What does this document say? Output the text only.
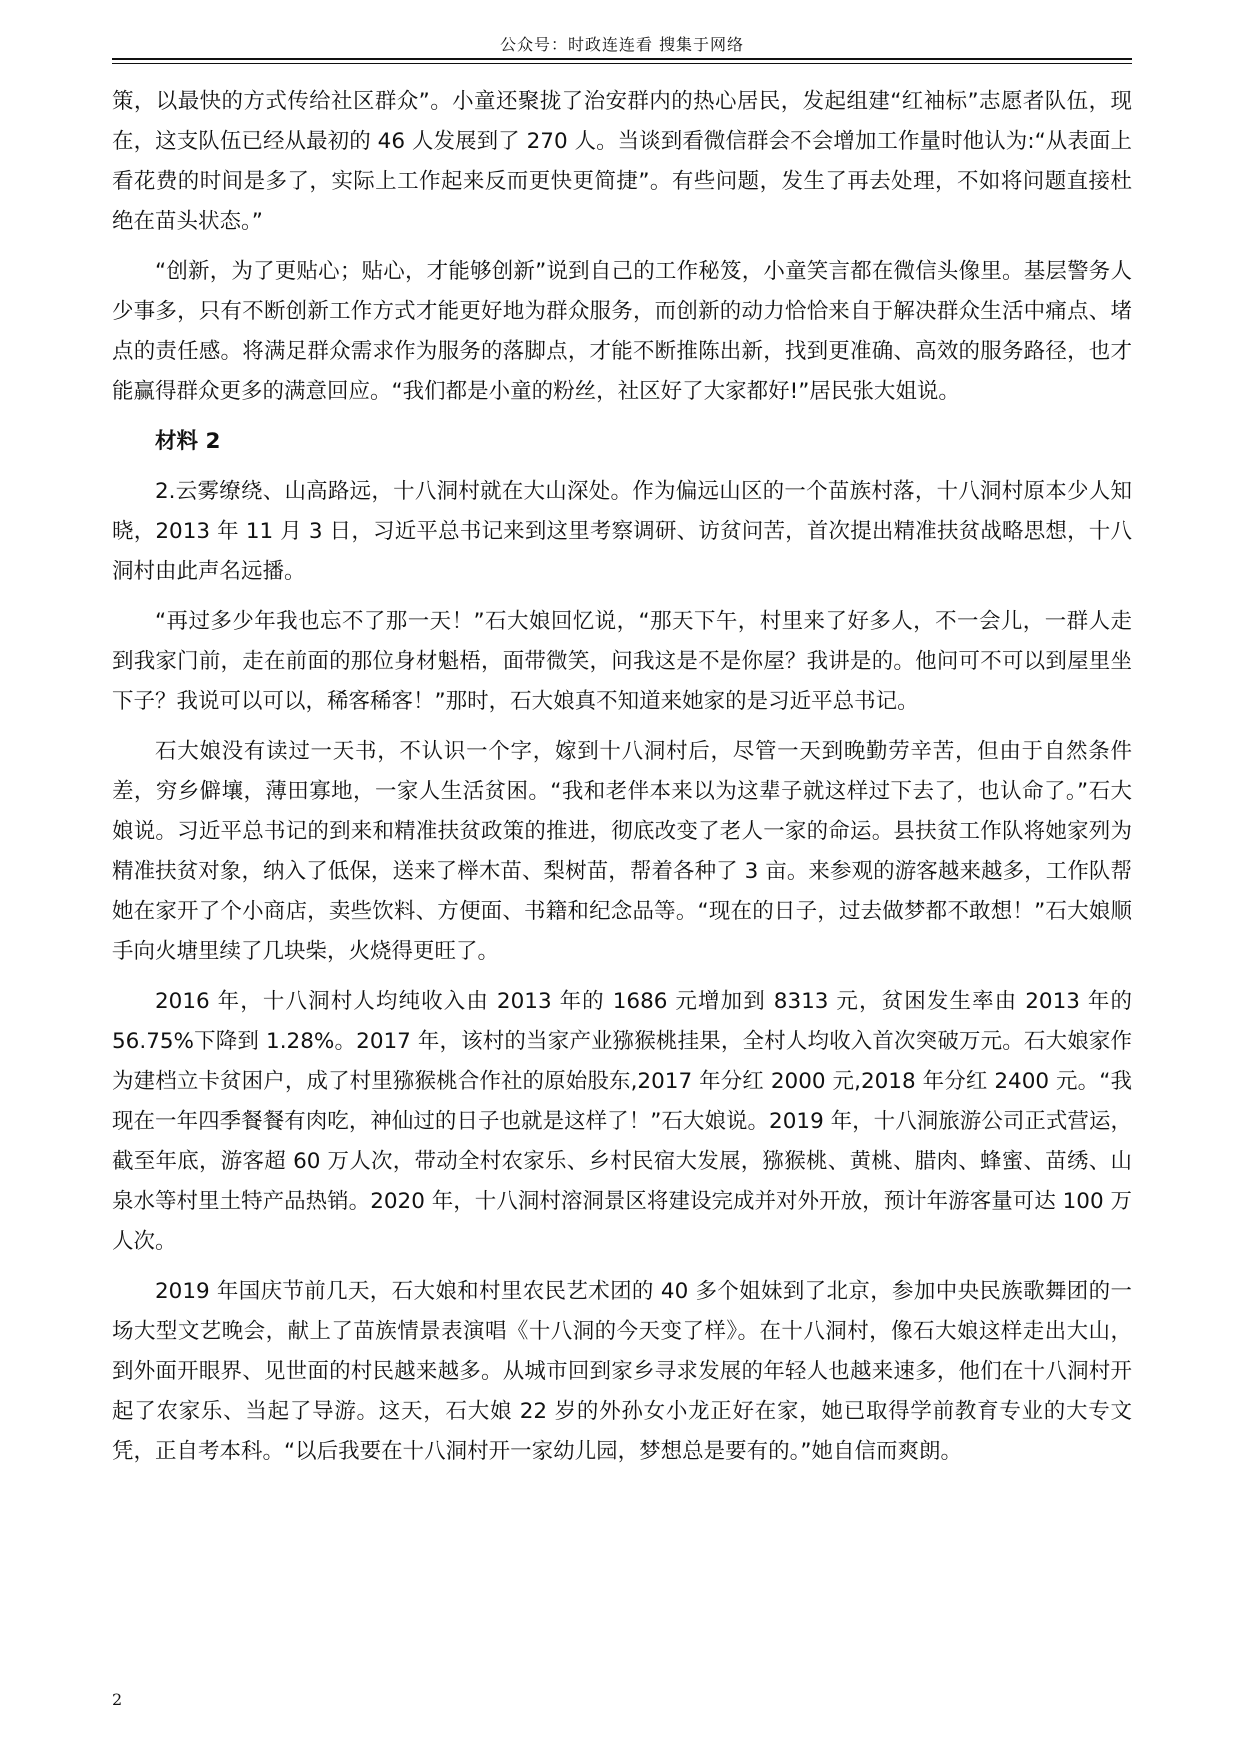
公众号：时政连连看 搜集于网络

策，以最快的方式传给社区群众”。小童还聚拢了治安群内的热心居民，发起组建“红袖标”志愿者队伍，现在，这支队伍已经从最初的 46 人发展到了 270 人。当谈到看微信群会不会增加工作量时他认为:“从表面上看花费的时间是多了，实际上工作起来反而更快更简捷”。有些问题，发生了再去处理，不如将问题直接杜绝在苗头状态。”

“创新，为了更贴心；贴心，才能够创新”说到自己的工作秘笈，小童笑言都在微信头像里。基层警务人少事多，只有不断创新工作方式才能更好地为群众服务，而创新的动力恰恰来自于解决群众生活中痛点、堵点的责任感。将满足群众需求作为服务的落脚点，才能不断推陈出新，找到更准确、高效的服务路径，也才能赢得群众更多的满意回应。“我们都是小童的粉丝，社区好了大家都好!”居民张大姐说。

材料 2

2.云雾缭绕、山高路远，十八洞村就在大山深处。作为偏远山区的一个苗族村落，十八洞村原本少人知晓，2013 年 11 月 3 日，习近平总书记来到这里考察调研、访贫问苦，首次提出精准扶贫战略思想，十八洞村由此声名远播。

“再过多少年我也忘不了那一天！”石大娘回忆说，“那天下午，村里来了好多人，不一会儿，一群人走到我家门前，走在前面的那位身材魁梧，面带微笑，问我这是不是你屋？我讲是的。他问可不可以到屋里坐下子？我说可以可以，稀客稀客！”那时，石大娘真不知道来她家的是习近平总书记。

石大娘没有读过一天书，不认识一个字，嫁到十八洞村后，尽管一天到晚勤劳辛苦，但由于自然条件差，穷乡僻壤，薄田寡地，一家人生活贫困。“我和老伴本来以为这辈子就这样过下去了，也认命了。”石大娘说。习近平总书记的到来和精准扶贫政策的推进，彻底改变了老人一家的命运。县扶贫工作队将她家列为精准扶贫对象，纳入了低保，送来了榉木苗、梨树苗，帮着各种了 3 亩。来参观的游客越来越多，工作队帮她在家开了个小商店，卖些饮料、方便面、书籍和纪念品等。“现在的日子，过去做梦都不敢想！”石大娘顺手向火塘里续了几块柴，火烧得更旺了。

2016 年，十八洞村人均纯收入由 2013 年的 1686 元增加到 8313 元，贫困发生率由 2013 年的 56.75%下降到 1.28%。2017 年，该村的当家产业猕猴桃挂果，全村人均收入首次突破万元。石大娘家作为建档立卡贫困户，成了村里猕猴桃合作社的原始股东,2017 年分红 2000 元,2018 年分红 2400 元。“我现在一年四季餐餐有肉吃，神仙过的日子也就是这样了！”石大娘说。2019 年，十八洞旅游公司正式营运，截至年底，游客超 60 万人次，带动全村农家乐、乡村民宿大发展，猕猴桃、黄桃、腊肉、蜂蜜、苗绣、山泉水等村里土特产品热销。2020 年，十八洞村溶洞景区将建设完成并对外开放，预计年游客量可达 100 万人次。

2019 年国庆节前几天，石大娘和村里农民艺术团的 40 多个姐妹到了北京，参加中央民族歌舞团的一场大型文艺晚会，献上了苗族情景表演唱《十八洞的今天变了样》。在十八洞村，像石大娘这样走出大山，到外面开眼界、见世面的村民越来越多。从城市回到家乡寻求发展的年轻人也越来速多，他们在十八洞村开起了农家乐、当起了导游。这天，石大娘 22 岁的外孙女小龙正好在家，她已取得学前教育专业的大专文凭，正自考本科。“以后我要在十八洞村开一家幼儿园，梦想总是要有的。”她自信而爽朗。

2
